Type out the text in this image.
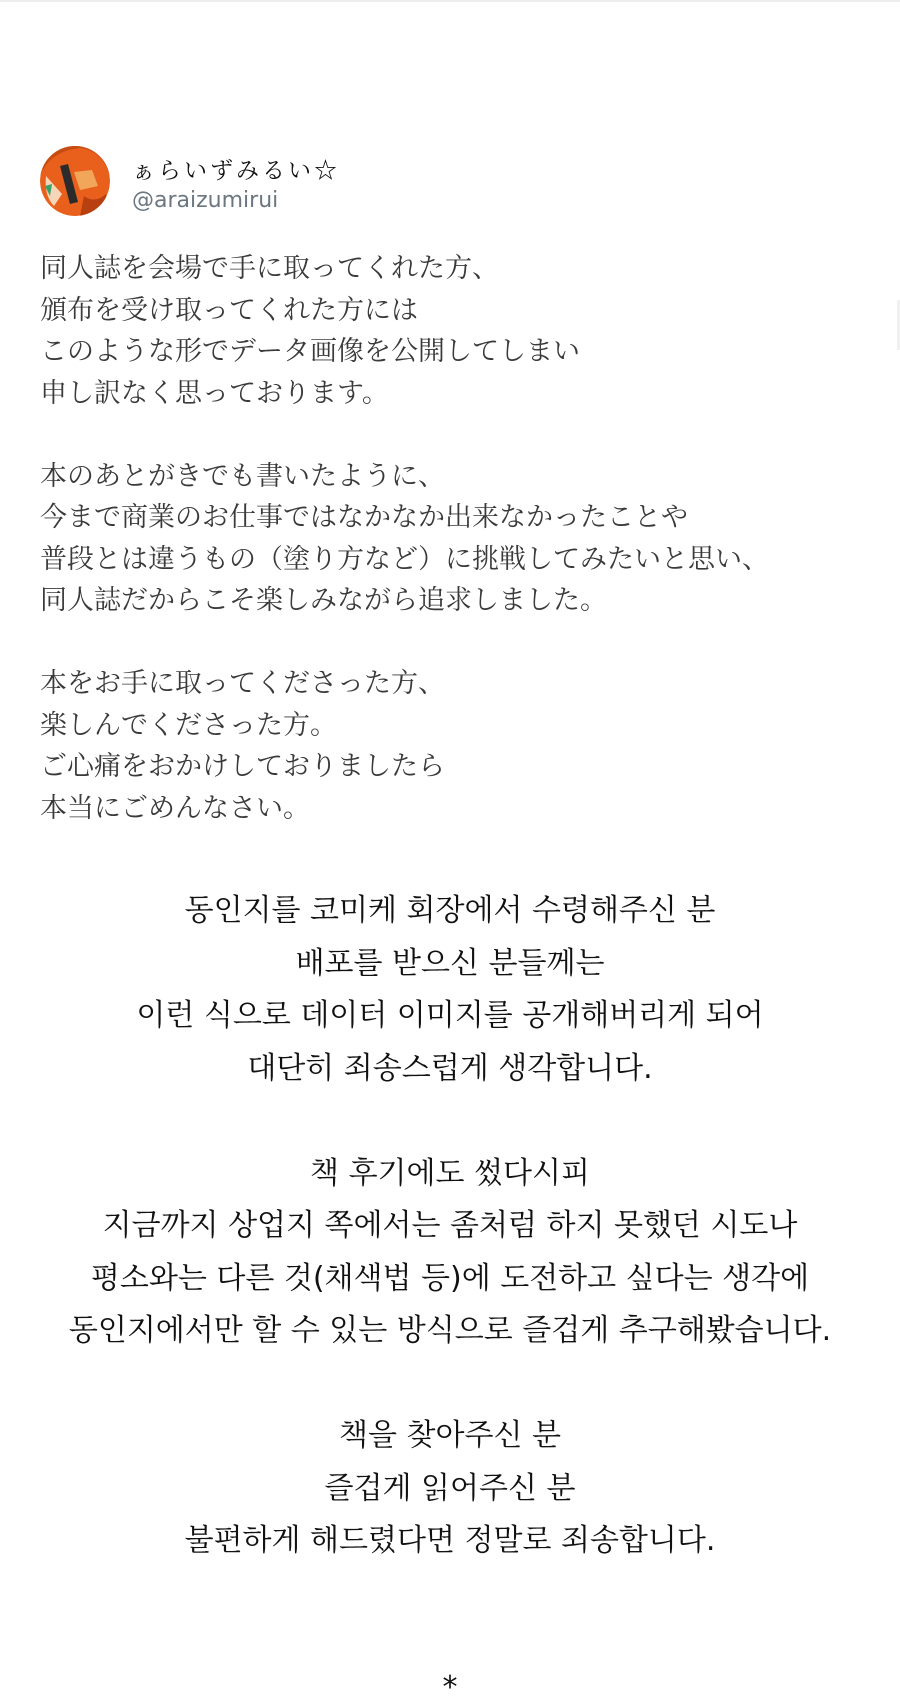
ぁらいずみるい☆
@araizumirui

同人誌を会場で手に取ってくれた方、
頒布を受け取ってくれた方には
このような形でデータ画像を公開してしまい
申し訳なく思っております。

本のあとがきでも書いたように、
今まで商業のお仕事ではなかなか出来なかったことや
普段とは違うもの（塗り方など）に挑戦してみたいと思い、
同人誌だからこそ楽しみながら追求しました。

本をお手に取ってくださった方、
楽しんでくださった方。
ご心痛をおかけしておりましたら
本当にごめんなさい。

동인지를 코미케 회장에서 수령해주신 분
배포를 받으신 분들께는
이런 식으로 데이터 이미지를 공개해버리게 되어
대단히 죄송스럽게 생각합니다.

책 후기에도 썼다시피
지금까지 상업지 쪽에서는 좀처럼 하지 못했던 시도나
평소와는 다른 것(채색법 등)에 도전하고 싶다는 생각에
동인지에서만 할 수 있는 방식으로 즐겁게 추구해봤습니다.

책을 찾아주신 분
즐겁게 읽어주신 분
불편하게 해드렸다면 정말로 죄송합니다.

*
